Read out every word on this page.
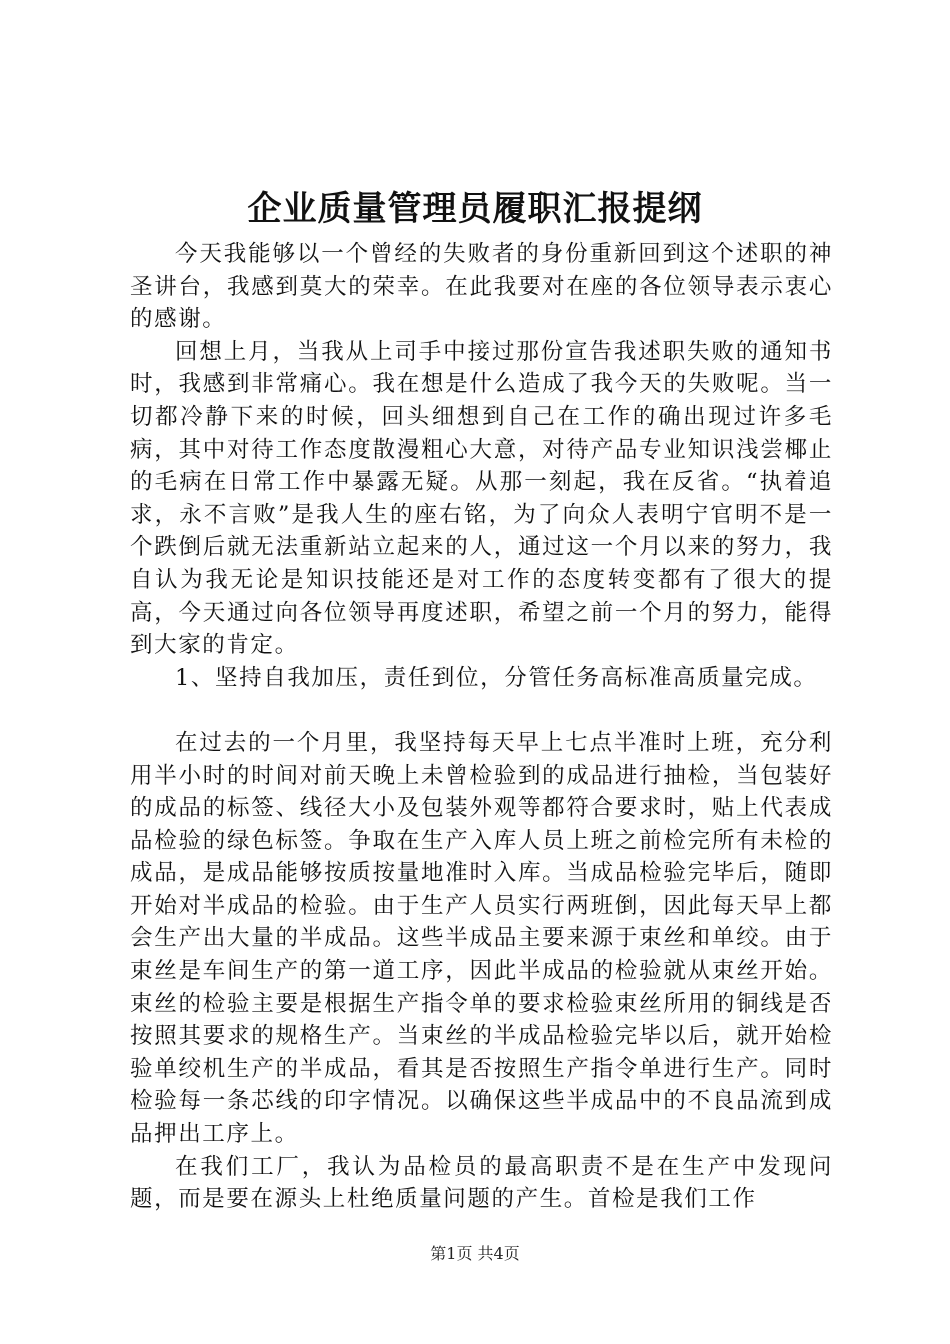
企业质量管理员履职汇报提纲

今天我能够以一个曾经的失败者的身份重新回到这个述职的神圣讲台，我感到莫大的荣幸。在此我要对在座的各位领导表示衷心的感谢。

回想上月，当我从上司手中接过那份宣告我述职失败的通知书时，我感到非常痛心。我在想是什么造成了我今天的失败呢。当一切都冷静下来的时候，回头细想到自己在工作的确出现过许多毛病，其中对待工作态度散漫粗心大意，对待产品专业知识浅尝椰止的毛病在日常工作中暴露无疑。从那一刻起，我在反省。“执着追求，永不言败”是我人生的座右铭，为了向众人表明宁官明不是一个跌倒后就无法重新站立起来的人，通过这一个月以来的努力，我自认为我无论是知识技能还是对工作的态度转变都有了很大的提高，今天通过向各位领导再度述职，希望之前一个月的努力，能得到大家的肯定。

1、坚持自我加压，责任到位，分管任务高标准高质量完成。

在过去的一个月里，我坚持每天早上七点半准时上班，充分利用半小时的时间对前天晚上未曾检验到的成品进行抽检，当包装好的成品的标签、线径大小及包装外观等都符合要求时，贴上代表成品检验的绿色标签。争取在生产入库人员上班之前检完所有未检的成品，是成品能够按质按量地准时入库。当成品检验完毕后，随即开始对半成品的检验。由于生产人员实行两班倒，因此每天早上都会生产出大量的半成品。这些半成品主要来源于束丝和单绞。由于束丝是车间生产的第一道工序，因此半成品的检验就从束丝开始。束丝的检验主要是根据生产指令单的要求检验束丝所用的铜线是否按照其要求的规格生产。当束丝的半成品检验完毕以后，就开始检验单绞机生产的半成品，看其是否按照生产指令单进行生产。同时检验每一条芯线的印字情况。以确保这些半成品中的不良品流到成品押出工序上。

在我们工厂，我认为品检员的最高职责不是在生产中发现问题，而是要在源头上杜绝质量问题的产生。首检是我们工作

第1页 共4页
